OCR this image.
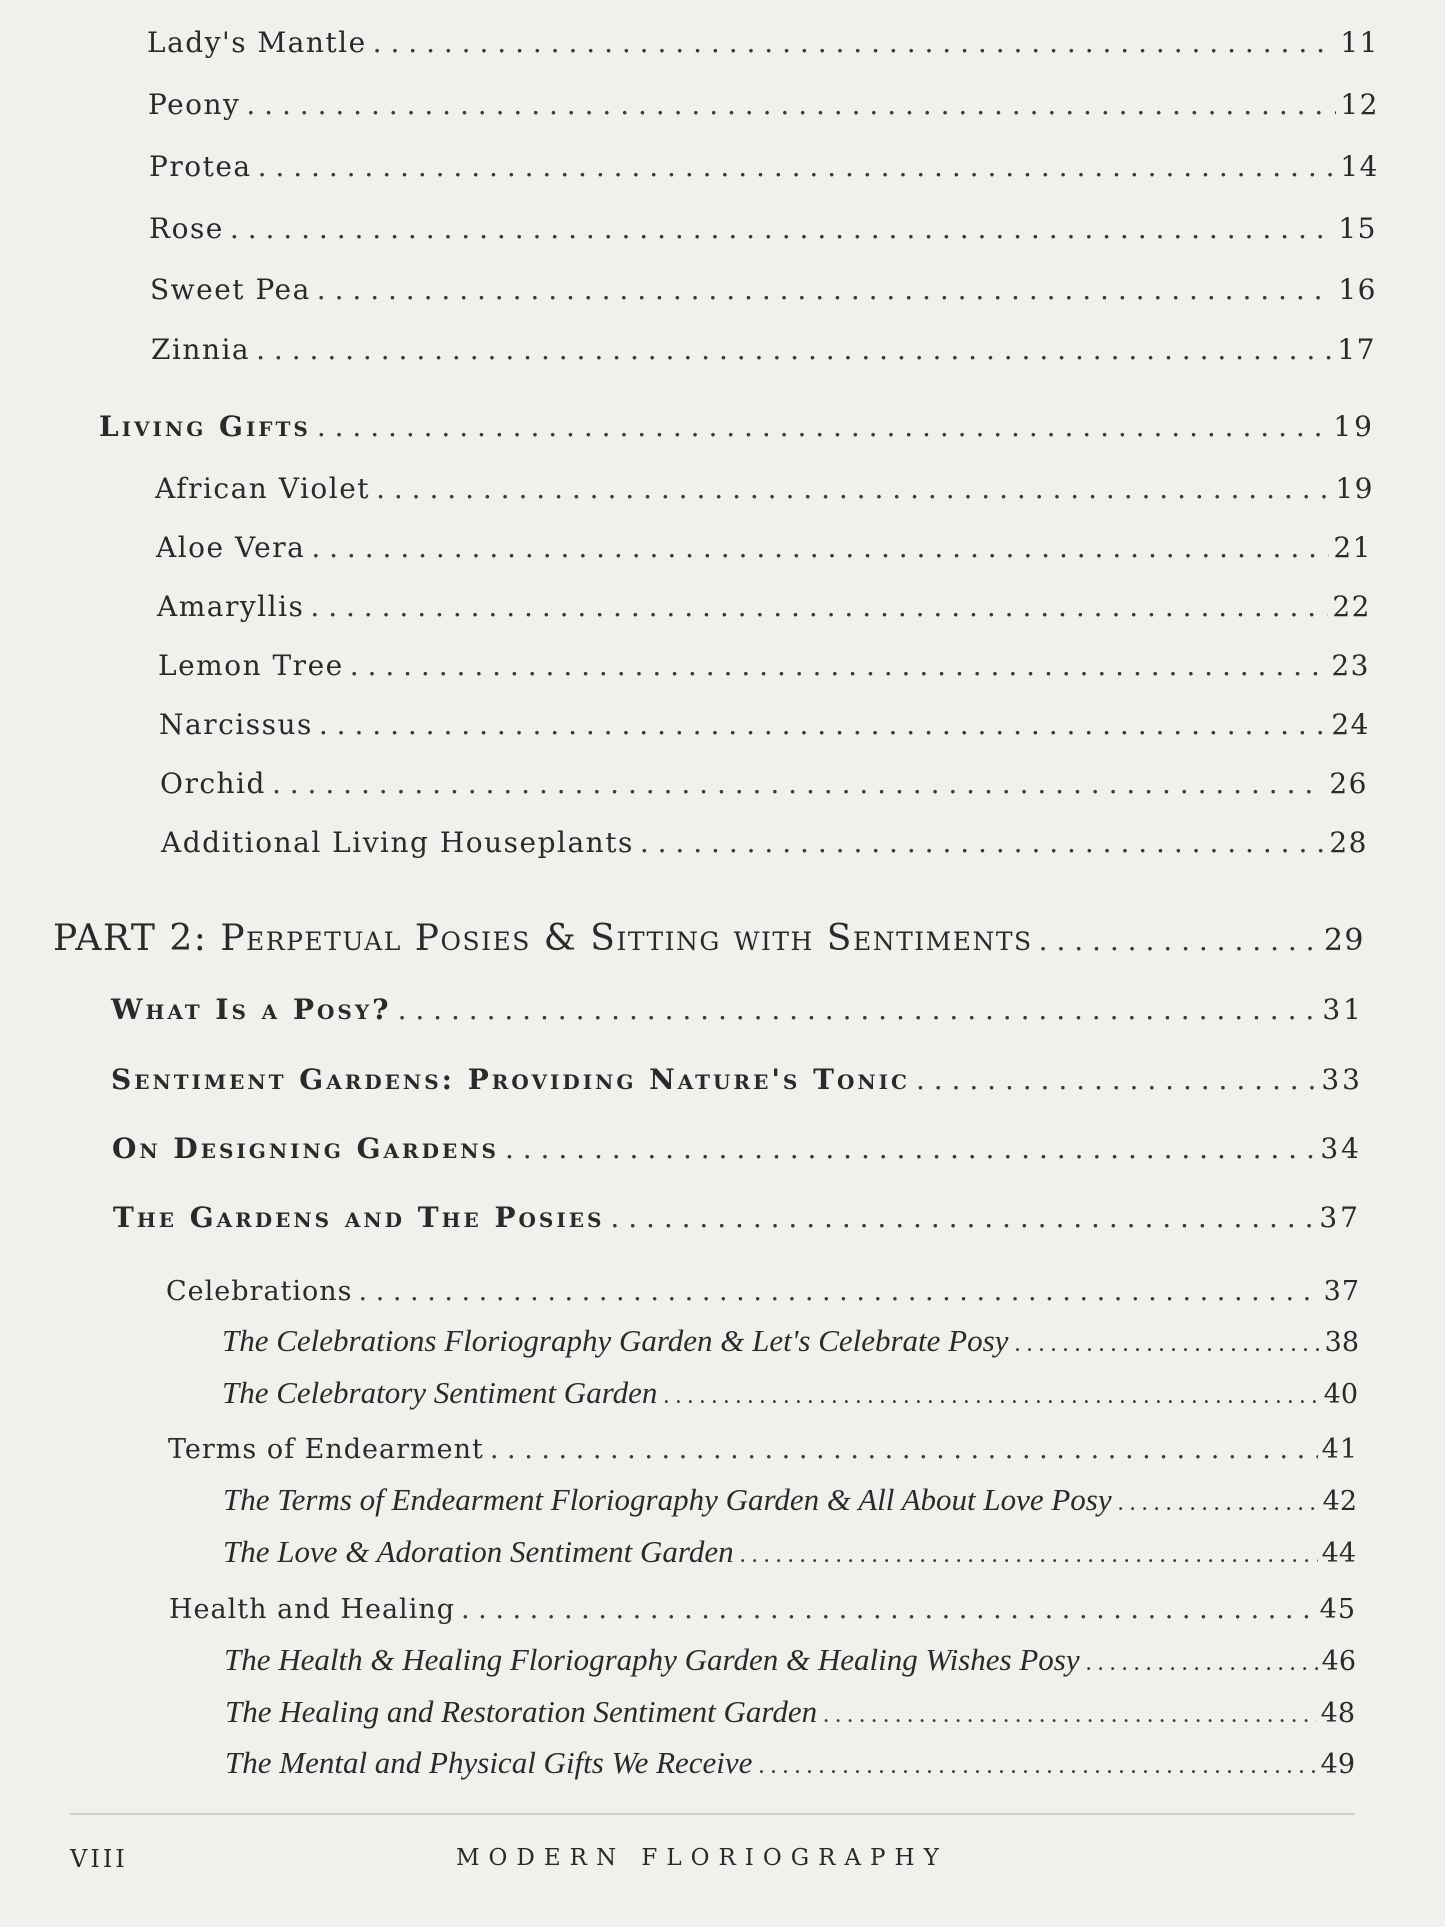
Lady's Mantle . . .	11
Peony . . .	12
Protea . . .	14
Rose . . .	15
Sweet Pea . . .	16
Zinnia . . .	17
Living Gifts . . .	19
African Violet . . .	19
Aloe Vera . . .	21
Amaryllis . . .	22
Lemon Tree . . .	23
Narcissus . . .	24
Orchid . . .	26
Additional Living Houseplants . . .	28
PART 2: Perpetual Posies & Sitting with Sentiments . . .	29
What Is a Posy? . . .	31
Sentiment Gardens: Providing Nature's Tonic . . .	33
On Designing Gardens . . .	34
The Gardens and The Posies . . .	37
Celebrations . . .	37
The Celebrations Floriography Garden & Let's Celebrate Posy . . .	38
The Celebratory Sentiment Garden . . .	40
Terms of Endearment . . .	41
The Terms of Endearment Floriography Garden & All About Love Posy . . .	42
The Love & Adoration Sentiment Garden . . .	44
Health and Healing . . .	45
The Health & Healing Floriography Garden & Healing Wishes Posy . . .	46
The Healing and Restoration Sentiment Garden . . .	48
The Mental and Physical Gifts We Receive . . .	49
VIII	MODERN FLORIOGRAPHY
